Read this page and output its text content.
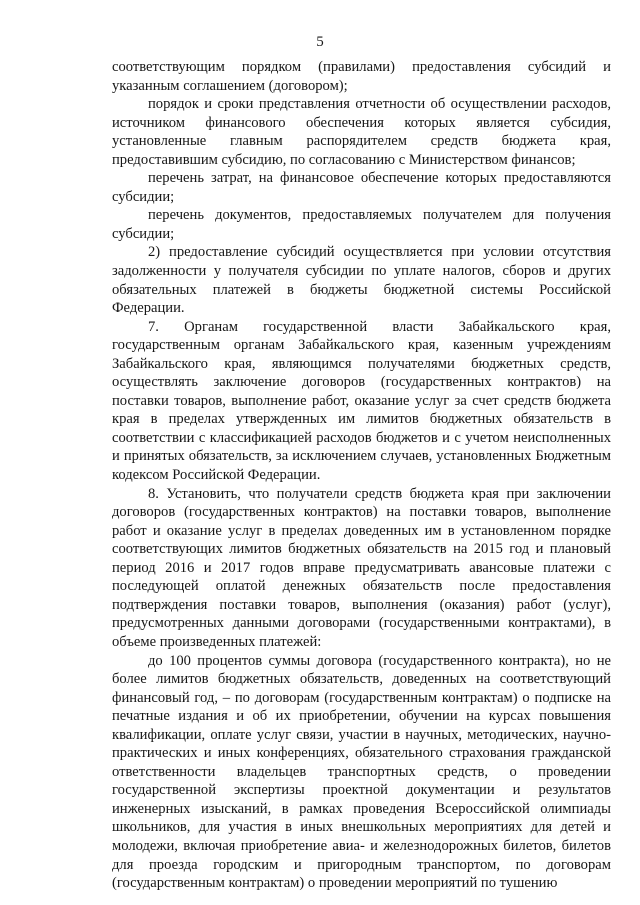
5

соответствующим порядком (правилами) предоставления субсидий и указанным соглашением (договором);

порядок и сроки представления отчетности об осуществлении расходов, источником финансового обеспечения которых является субсидия, установленные главным распорядителем средств бюджета края, предоставившим субсидию, по согласованию с Министерством финансов;

перечень затрат, на финансовое обеспечение которых предоставляются субсидии;

перечень документов, предоставляемых получателем для получения субсидии;

2) предоставление субсидий осуществляется при условии отсутствия задолженности у получателя субсидии по уплате налогов, сборов и других обязательных платежей в бюджеты бюджетной системы Российской Федерации.

7. Органам государственной власти Забайкальского края, государственным органам Забайкальского края, казенным учреждениям Забайкальского края, являющимся получателями бюджетных средств, осуществлять заключение договоров (государственных контрактов) на поставки товаров, выполнение работ, оказание услуг за счет средств бюджета края в пределах утвержденных им лимитов бюджетных обязательств в соответствии с классификацией расходов бюджетов и с учетом неисполненных и принятых обязательств, за исключением случаев, установленных Бюджетным кодексом Российской Федерации.

8. Установить, что получатели средств бюджета края при заключении договоров (государственных контрактов) на поставки товаров, выполнение работ и оказание услуг в пределах доведенных им в установленном порядке соответствующих лимитов бюджетных обязательств на 2015 год и плановый период 2016 и 2017 годов вправе предусматривать авансовые платежи с последующей оплатой денежных обязательств после предоставления подтверждения поставки товаров, выполнения (оказания) работ (услуг), предусмотренных данными договорами (государственными контрактами), в объеме произведенных платежей:

до 100 процентов суммы договора (государственного контракта), но не более лимитов бюджетных обязательств, доведенных на соответствующий финансовый год, – по договорам (государственным контрактам) о подписке на печатные издания и об их приобретении, обучении на курсах повышения квалификации, оплате услуг связи, участии в научных, методических, научно-практических и иных конференциях, обязательного страхования гражданской ответственности владельцев транспортных средств, о проведении государственной экспертизы проектной документации и результатов инженерных изысканий, в рамках проведения Всероссийской олимпиады школьников, для участия в иных внешкольных мероприятиях для детей и молодежи, включая приобретение авиа- и железнодорожных билетов, билетов для проезда городским и пригородным транспортом, по договорам (государственным контрактам) о проведении мероприятий по тушению
